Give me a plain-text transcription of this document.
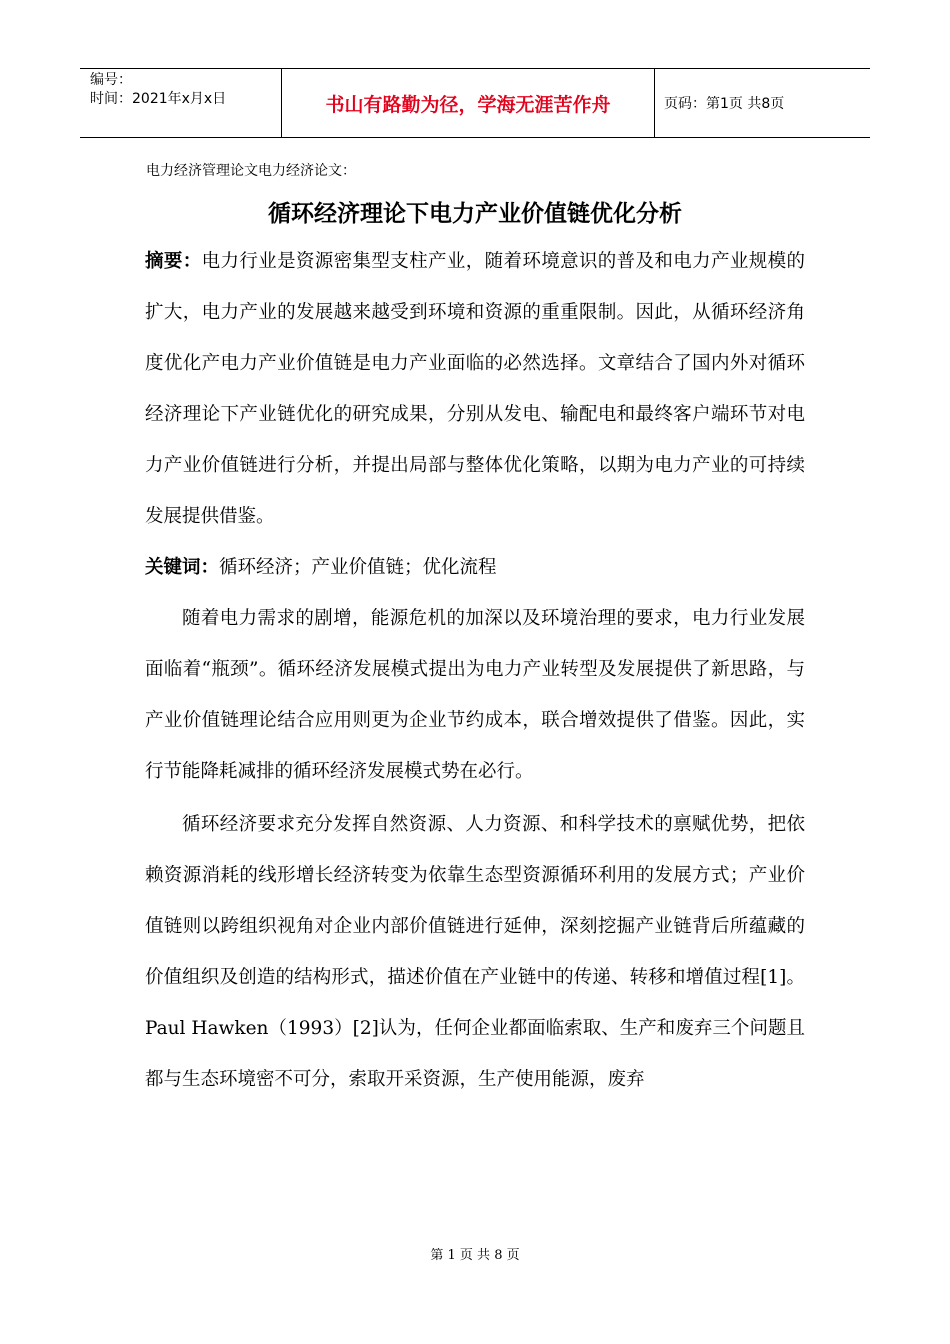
编号：
时间：2021年x月x日	书山有路勤为径，学海无涯苦作舟	页码：第1页 共8页
电力经济管理论文电力经济论文：
循环经济理论下电力产业价值链优化分析

摘要：电力行业是资源密集型支柱产业，随着环境意识的普及和电力产业规模的扩大，电力产业的发展越来越受到环境和资源的重重限制。因此，从循环经济角度优化产电力产业价值链是电力产业面临的必然选择。文章结合了国内外对循环经济理论下产业链优化的研究成果，分别从发电、输配电和最终客户端环节对电力产业价值链进行分析，并提出局部与整体优化策略，以期为电力产业的可持续发展提供借鉴。

关键词：循环经济；产业价值链；优化流程

随着电力需求的剧增，能源危机的加深以及环境治理的要求，电力行业发展面临着“瓶颈”。循环经济发展模式提出为电力产业转型及发展提供了新思路，与产业价值链理论结合应用则更为企业节约成本，联合增效提供了借鉴。因此，实行节能降耗减排的循环经济发展模式势在必行。

循环经济要求充分发挥自然资源、人力资源、和科学技术的禀赋优势，把依赖资源消耗的线形增长经济转变为依靠生态型资源循环利用的发展方式；产业价值链则以跨组织视角对企业内部价值链进行延伸，深刻挖掘产业链背后所蕴藏的价值组织及创造的结构形式，描述价值在产业链中的传递、转移和增值过程[1]。Paul Hawken（1993）[2]认为，任何企业都面临索取、生产和废弃三个问题且都与生态环境密不可分，索取开采资源，生产使用能源，废弃

第 1 页 共 8 页
